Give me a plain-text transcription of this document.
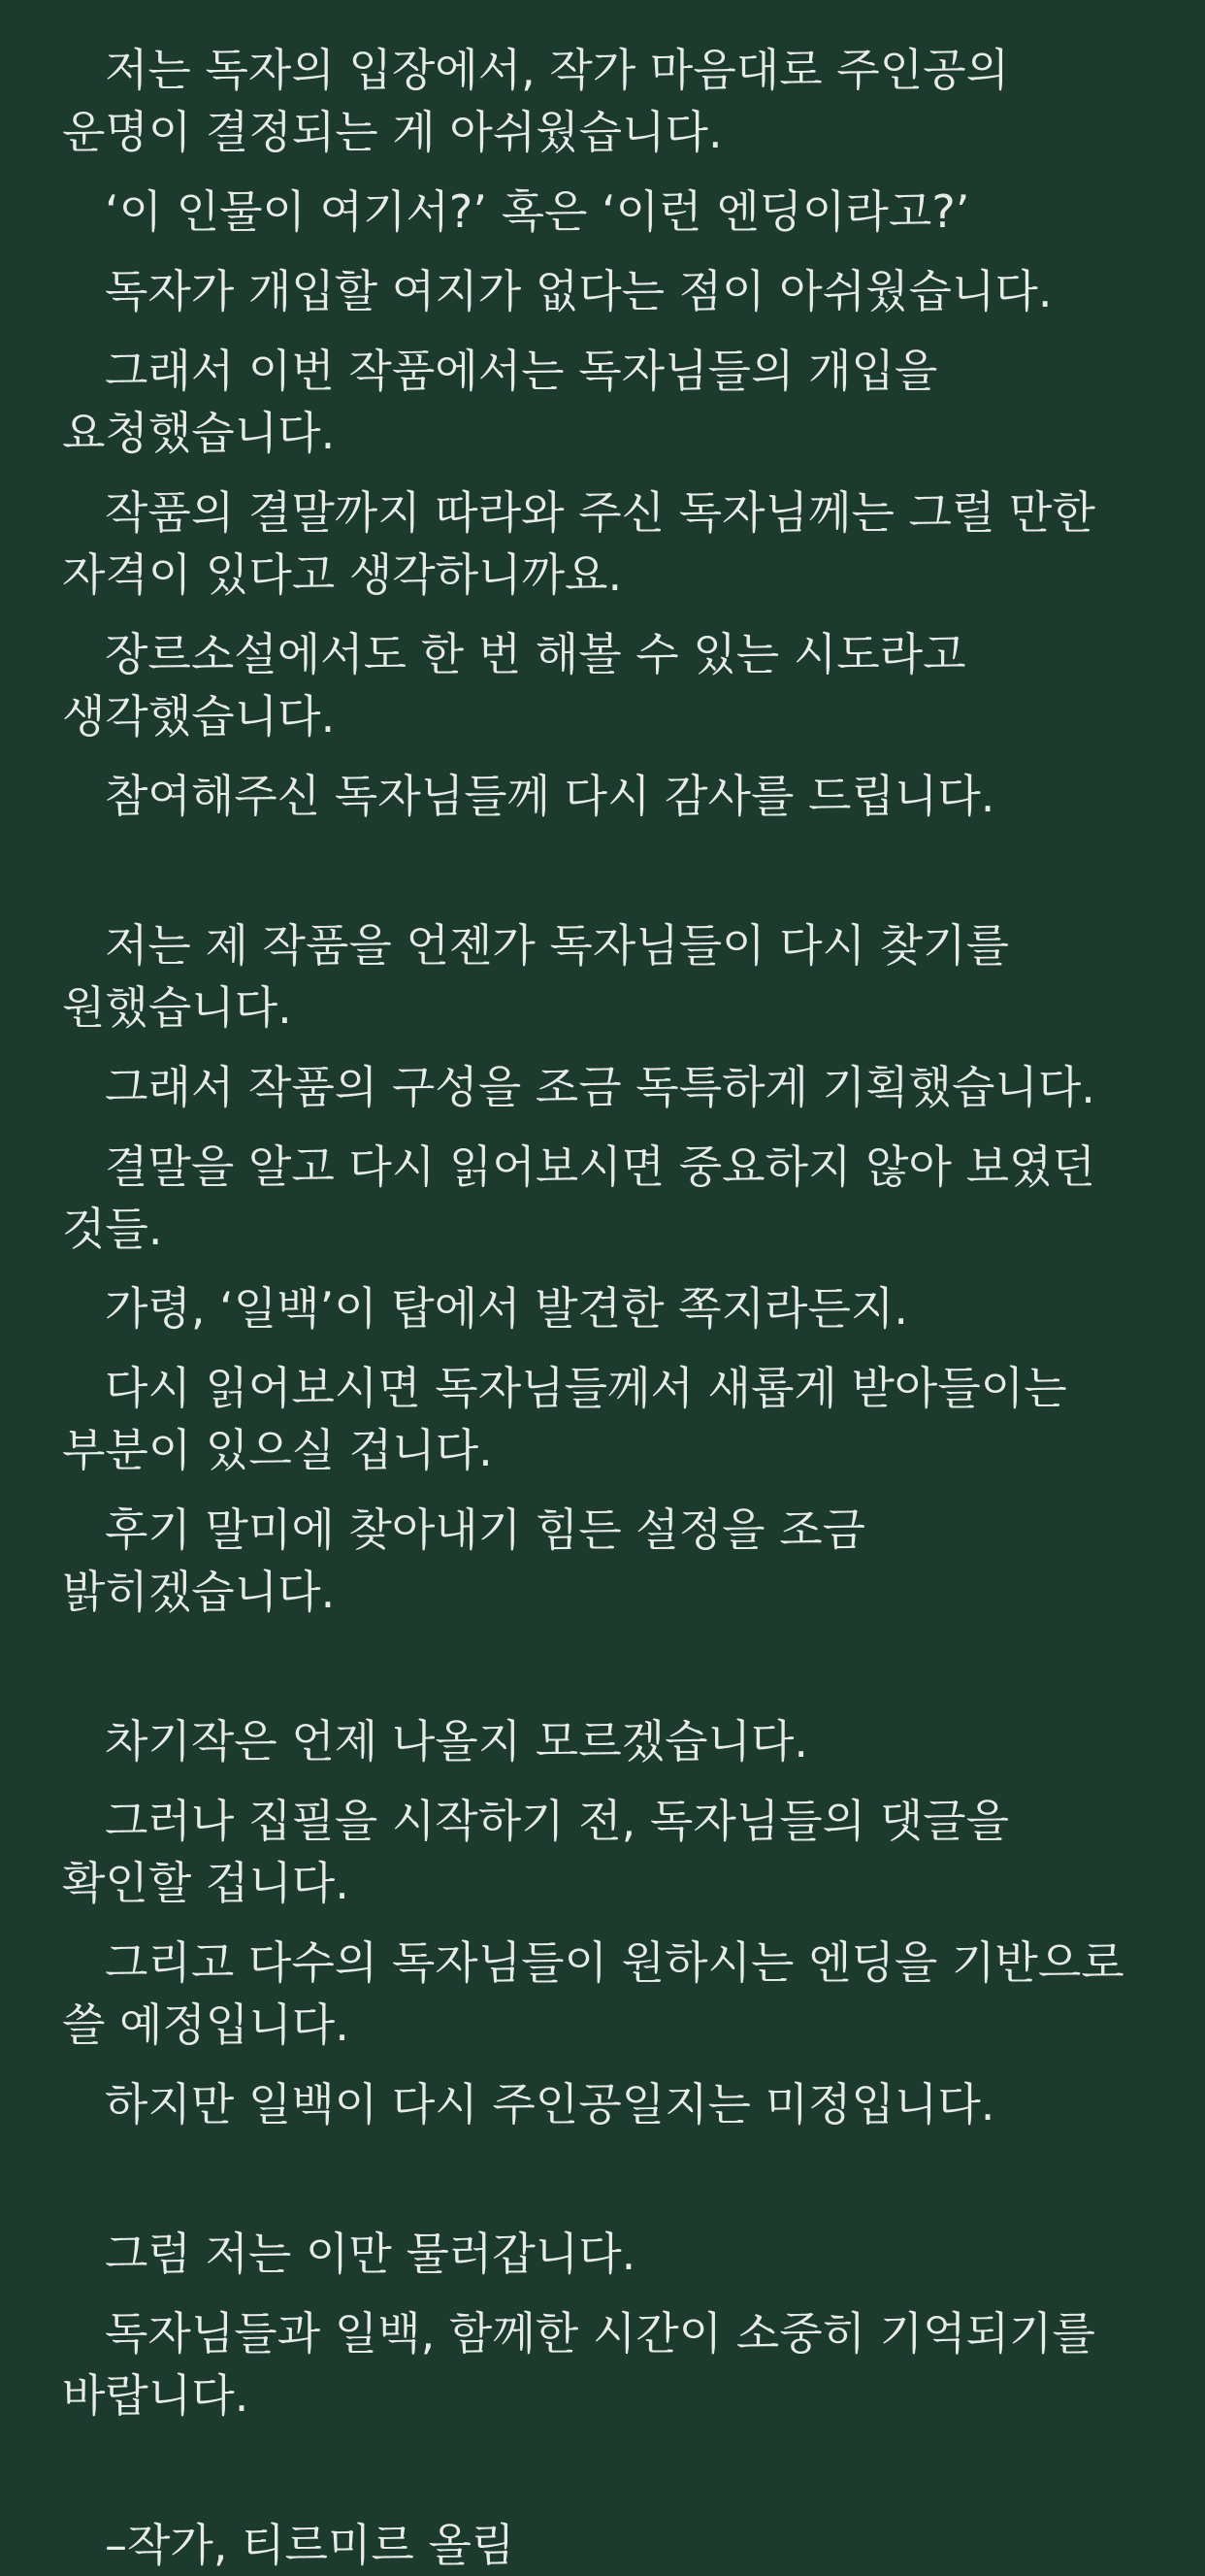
저는 독자의 입장에서, 작가 마음대로 주인공의 운명이 결정되는 게 아쉬웠습니다.

‘이 인물이 여기서?’ 혹은 ‘이런 엔딩이라고?’

독자가 개입할 여지가 없다는 점이 아쉬웠습니다.

그래서 이번 작품에서는 독자님들의 개입을 요청했습니다.

작품의 결말까지 따라와 주신 독자님께는 그럴 만한 자격이 있다고 생각하니까요.

장르소설에서도 한 번 해볼 수 있는 시도라고 생각했습니다.

참여해주신 독자님들께 다시 감사를 드립니다.

저는 제 작품을 언젠가 독자님들이 다시 찾기를 원했습니다.

그래서 작품의 구성을 조금 독특하게 기획했습니다.

결말을 알고 다시 읽어보시면 중요하지 않아 보였던 것들.

가령, ‘일백’이 탑에서 발견한 쪽지라든지.

다시 읽어보시면 독자님들께서 새롭게 받아들이는 부분이 있으실 겁니다.

후기 말미에 찾아내기 힘든 설정을 조금 밝히겠습니다.

차기작은 언제 나올지 모르겠습니다.

그러나 집필을 시작하기 전, 독자님들의 댓글을 확인할 겁니다.

그리고 다수의 독자님들이 원하시는 엔딩을 기반으로 쓸 예정입니다.

하지만 일백이 다시 주인공일지는 미정입니다.

그럼 저는 이만 물러갑니다.

독자님들과 일백, 함께한 시간이 소중히 기억되기를 바랍니다.

–작가, 티르미르 올림
